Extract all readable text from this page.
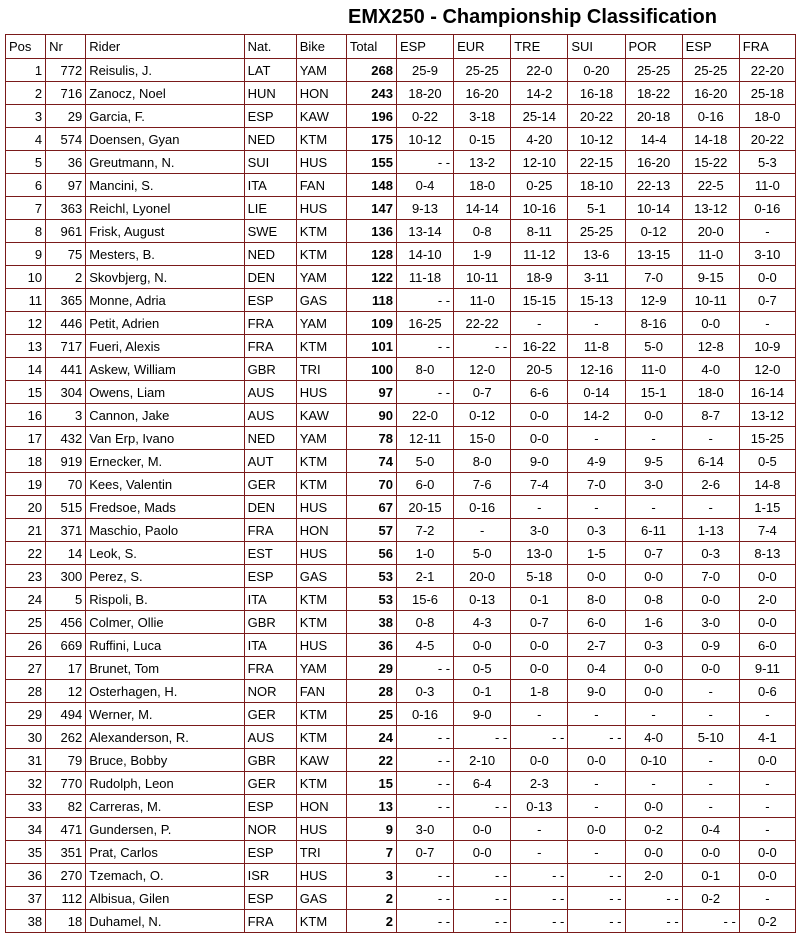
EMX250 - Championship Classification
Pos	Nr	Rider	Nat.	Bike	Total	ESP	EUR	TRE	SUI	POR	ESP	FRA
1	772	Reisulis, J.	LAT	YAM	268	25-9	25-25	22-0	0-20	25-25	25-25	22-20
2	716	Zanocz, Noel	HUN	HON	243	18-20	16-20	14-2	16-18	18-22	16-20	25-18
3	29	Garcia, F.	ESP	KAW	196	0-22	3-18	25-14	20-22	20-18	0-16	18-0
4	574	Doensen, Gyan	NED	KTM	175	10-12	0-15	4-20	10-12	14-4	14-18	20-22
5	36	Greutmann, N.	SUI	HUS	155	- -	13-2	12-10	22-15	16-20	15-22	5-3
6	97	Mancini, S.	ITA	FAN	148	0-4	18-0	0-25	18-10	22-13	22-5	11-0
7	363	Reichl, Lyonel	LIE	HUS	147	9-13	14-14	10-16	5-1	10-14	13-12	0-16
8	961	Frisk, August	SWE	KTM	136	13-14	0-8	8-11	25-25	0-12	20-0	-
9	75	Mesters, B.	NED	KTM	128	14-10	1-9	11-12	13-6	13-15	11-0	3-10
10	2	Skovbjerg, N.	DEN	YAM	122	11-18	10-11	18-9	3-11	7-0	9-15	0-0
11	365	Monne, Adria	ESP	GAS	118	- -	11-0	15-15	15-13	12-9	10-11	0-7
12	446	Petit, Adrien	FRA	YAM	109	16-25	22-22	-	-	8-16	0-0	-
13	717	Fueri, Alexis	FRA	KTM	101	- -	- -	16-22	11-8	5-0	12-8	10-9
14	441	Askew, William	GBR	TRI	100	8-0	12-0	20-5	12-16	11-0	4-0	12-0
15	304	Owens, Liam	AUS	HUS	97	- -	0-7	6-6	0-14	15-1	18-0	16-14
16	3	Cannon, Jake	AUS	KAW	90	22-0	0-12	0-0	14-2	0-0	8-7	13-12
17	432	Van Erp, Ivano	NED	YAM	78	12-11	15-0	0-0	-	-	-	15-25
18	919	Ernecker, M.	AUT	KTM	74	5-0	8-0	9-0	4-9	9-5	6-14	0-5
19	70	Kees, Valentin	GER	KTM	70	6-0	7-6	7-4	7-0	3-0	2-6	14-8
20	515	Fredsoe, Mads	DEN	HUS	67	20-15	0-16	-	-	-	-	1-15
21	371	Maschio, Paolo	FRA	HON	57	7-2	-	3-0	0-3	6-11	1-13	7-4
22	14	Leok, S.	EST	HUS	56	1-0	5-0	13-0	1-5	0-7	0-3	8-13
23	300	Perez, S.	ESP	GAS	53	2-1	20-0	5-18	0-0	0-0	7-0	0-0
24	5	Rispoli, B.	ITA	KTM	53	15-6	0-13	0-1	8-0	0-8	0-0	2-0
25	456	Colmer, Ollie	GBR	KTM	38	0-8	4-3	0-7	6-0	1-6	3-0	0-0
26	669	Ruffini, Luca	ITA	HUS	36	4-5	0-0	0-0	2-7	0-3	0-9	6-0
27	17	Brunet, Tom	FRA	YAM	29	- -	0-5	0-0	0-4	0-0	0-0	9-11
28	12	Osterhagen, H.	NOR	FAN	28	0-3	0-1	1-8	9-0	0-0	-	0-6
29	494	Werner, M.	GER	KTM	25	0-16	9-0	-	-	-	-	-
30	262	Alexanderson, R.	AUS	KTM	24	- -	- -	- -	- -	4-0	5-10	4-1
31	79	Bruce, Bobby	GBR	KAW	22	- -	2-10	0-0	0-0	0-10	-	0-0
32	770	Rudolph, Leon	GER	KTM	15	- -	6-4	2-3	-	-	-	-
33	82	Carreras, M.	ESP	HON	13	- -	- -	0-13	-	0-0	-	-
34	471	Gundersen, P.	NOR	HUS	9	3-0	0-0	-	0-0	0-2	0-4	-
35	351	Prat, Carlos	ESP	TRI	7	0-7	0-0	-	-	0-0	0-0	0-0
36	270	Tzemach, O.	ISR	HUS	3	- -	- -	- -	- -	2-0	0-1	0-0
37	112	Albisua, Gilen	ESP	GAS	2	- -	- -	- -	- -	- -	0-2	-
38	18	Duhamel, N.	FRA	KTM	2	- -	- -	- -	- -	- -	- -	0-2
